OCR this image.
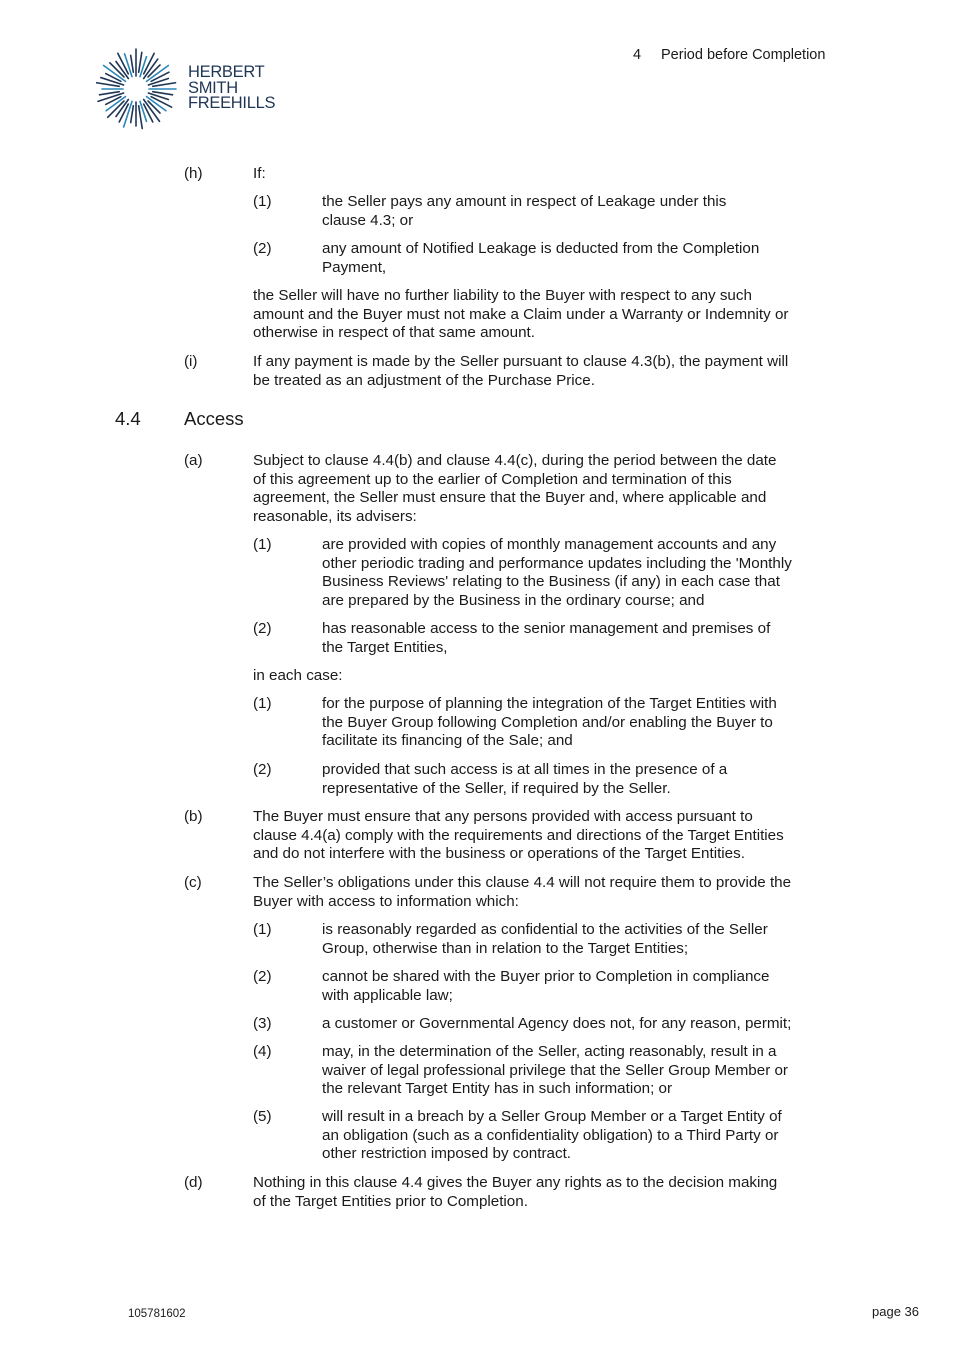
HERBERT
SMITH
FREEHILLS
4 Period before Completion
(h)	If:
(1)	the Seller pays any amount in respect of Leakage under this
clause 4.3; or
(2)	any amount of Notified Leakage is deducted from the Completion
Payment,
the Seller will have no further liability to the Buyer with respect to any such
amount and the Buyer must not make a Claim under a Warranty or Indemnity or
otherwise in respect of that same amount.
(i)	If any payment is made by the Seller pursuant to clause 4.3(b), the payment will
be treated as an adjustment of the Purchase Price.
4.4 Access
(a)	Subject to clause 4.4(b) and clause 4.4(c), during the period between the date
of this agreement up to the earlier of Completion and termination of this
agreement, the Seller must ensure that the Buyer and, where applicable and
reasonable, its advisers:
(1)	are provided with copies of monthly management accounts and any
other periodic trading and performance updates including the 'Monthly
Business Reviews' relating to the Business (if any) in each case that
are prepared by the Business in the ordinary course; and
(2)	has reasonable access to the senior management and premises of
the Target Entities,
in each case:
(1)	for the purpose of planning the integration of the Target Entities with
the Buyer Group following Completion and/or enabling the Buyer to
facilitate its financing of the Sale; and
(2)	provided that such access is at all times in the presence of a
representative of the Seller, if required by the Seller.
(b)	The Buyer must ensure that any persons provided with access pursuant to
clause 4.4(a) comply with the requirements and directions of the Target Entities
and do not interfere with the business or operations of the Target Entities.
(c)	The Seller’s obligations under this clause 4.4 will not require them to provide the
Buyer with access to information which:
(1)	is reasonably regarded as confidential to the activities of the Seller
Group, otherwise than in relation to the Target Entities;
(2)	cannot be shared with the Buyer prior to Completion in compliance
with applicable law;
(3)	a customer or Governmental Agency does not, for any reason, permit;
(4)	may, in the determination of the Seller, acting reasonably, result in a
waiver of legal professional privilege that the Seller Group Member or
the relevant Target Entity has in such information; or
(5)	will result in a breach by a Seller Group Member or a Target Entity of
an obligation (such as a confidentiality obligation) to a Third Party or
other restriction imposed by contract.
(d)	Nothing in this clause 4.4 gives the Buyer any rights as to the decision making
of the Target Entities prior to Completion.
105781602	page 36
